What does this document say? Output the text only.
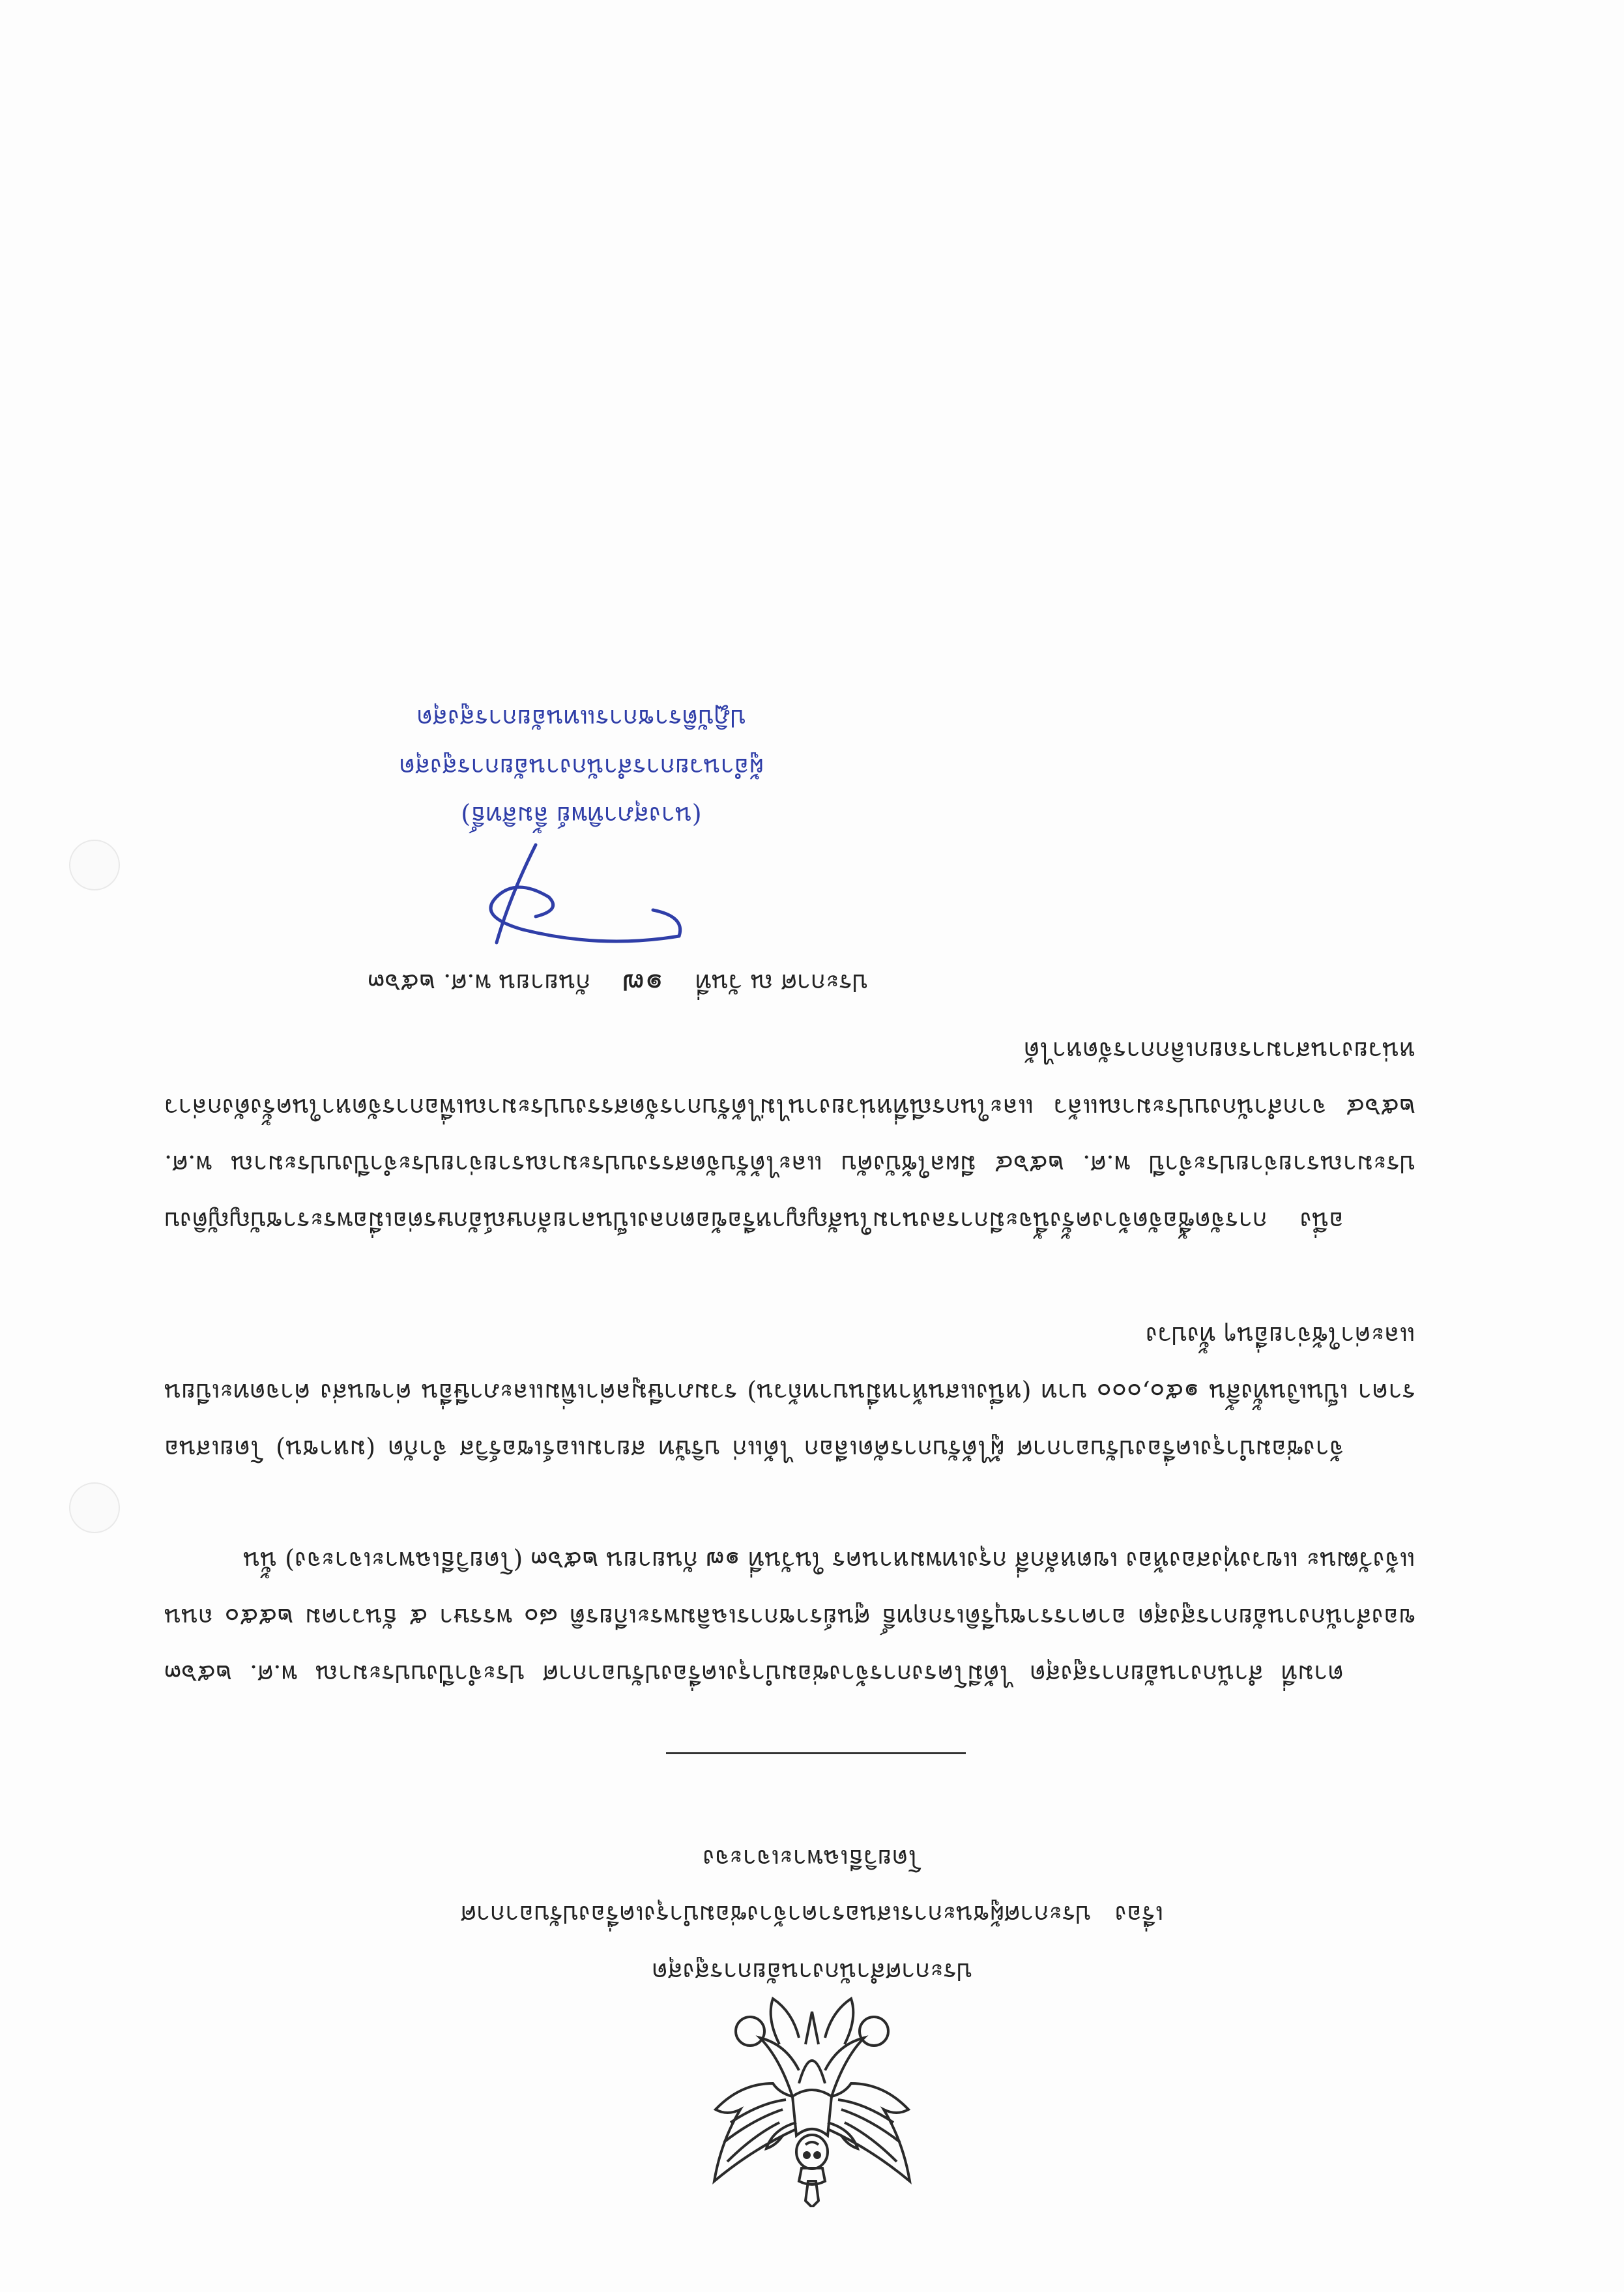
ประกาศสำนักงานอัยการสูงสุด
เรื่อง   ประกาศผู้ชนะการเสนอราคาจ้างซ่อมบำรุงเครื่องปรับอากาศ
โดยวิธีเฉพาะเจาะจง
ตามที่ สำนักงานอัยการสูงสุด ได้มีโครงการจ้างซ่อมบำรุงเครื่องปรับอากาศ ประจำปีงบประมาณ พ.ศ. ๒๕๖๓ ของสำนักงานอัยการสูงสุด อาคารราชบุรีดิเรกฤทธิ์ ศูนย์ราชการเฉลิมพระเกียรติ ๘๐ พรรษา ๕ ธันวาคม ๒๕๕๐ ถนนแจ้งวัฒนะ แขวงทุ่งสองห้อง เขตหลักสี่ กรุงเทพมหานคร ในวันที่ ๑๗ กันยายน ๒๕๖๓ (โดยวิธีเฉพาะเจาะจง) นั้น
จ้างซ่อมบำรุงเครื่องปรับอากาศ ผู้ได้รับการคัดเลือก ได้แก่ บริษัท สยามแอร์เซอร์วิส จำกัด (มหาชน) โดยเสนอราคา เป็นเงินทั้งสิ้น ๑๕๐,๐๐๐ บาท (หนึ่งแสนห้าหมื่นบาทถ้วน) รวมภาษีมูลค่าเพิ่มและภาษีอื่น ค่าขนส่ง ค่าจดทะเบียน และค่าใช้จ่ายอื่นๆ ทั้งปวง
อนึ่ง การจัดซื้อจัดจ้างครั้งนี้จะมีการลงนามในสัญญาหรือข้อตกลงเป็นลายลักษณ์อักษรต่อเมื่อพระราชบัญญัติงบประมาณรายจ่ายประจำปี พ.ศ. ๒๕๖๔ มีผลใช้บังคับ และได้รับจัดสรรงบประมาณรายจ่ายประจำปีงบประมาณ พ.ศ. ๒๕๖๔ จากสำนักงบประมาณแล้ว และในกรณีที่หน่วยงานไม่ได้รับการจัดสรรงบประมาณเพื่อการจัดหาในครั้งดังกล่าว หน่วยงานสามารถยกเลิกการจัดหาได้
ประกาศ ณ วันที่    ๑๗    กันยายน พ.ศ. ๒๕๖๓
(นางสุภาทิพย์ ลิ้มสิทธิ์)
ผู้อำนวยการสำนักงานอัยการสูงสุด
ปฏิบัติราชการแทนอัยการสูงสุด
